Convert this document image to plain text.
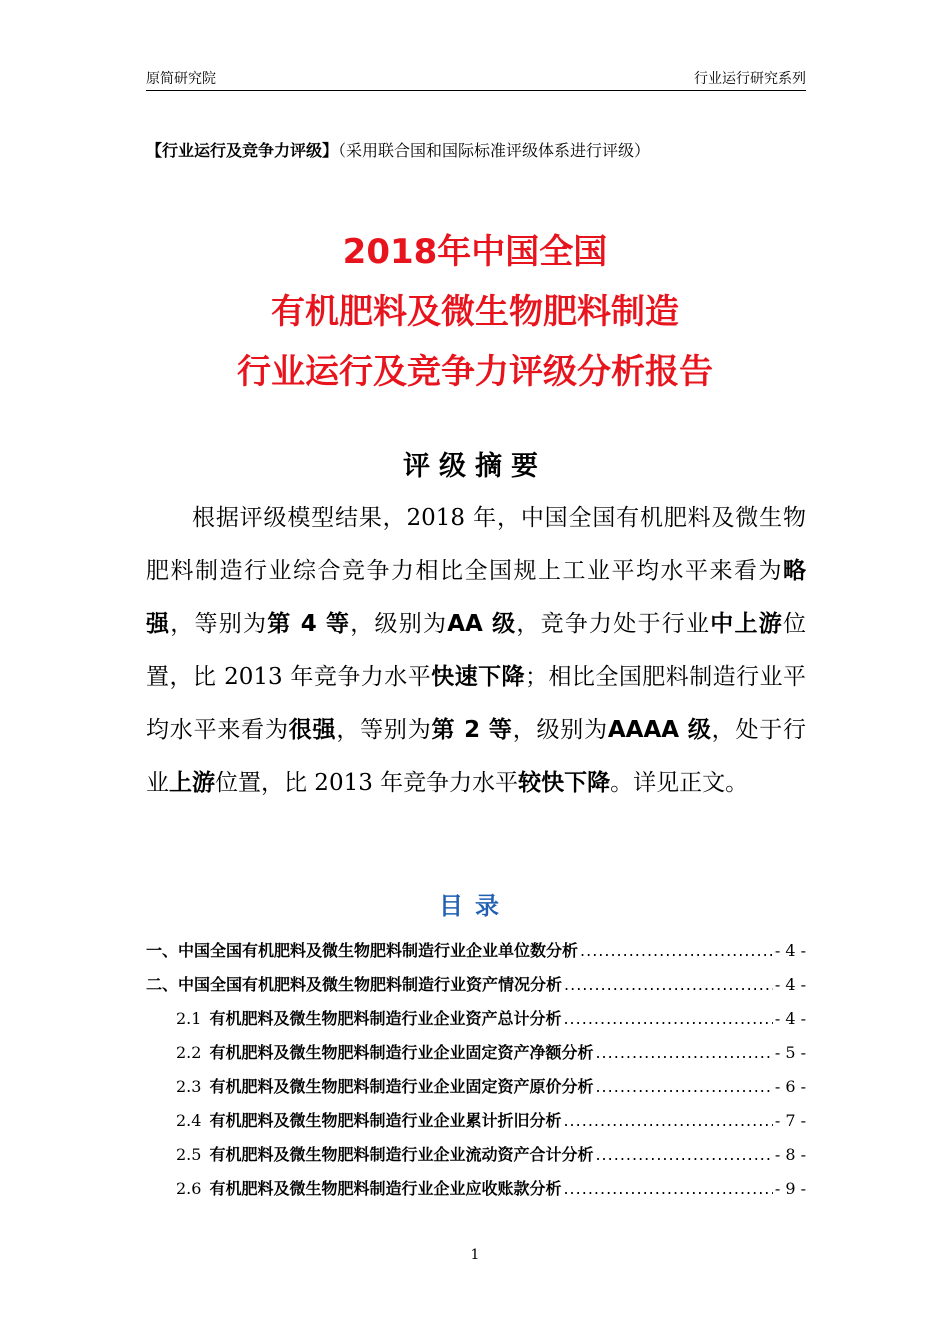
原简研究院	行业运行研究系列
【行业运行及竞争力评级】（采用联合国和国际标准评级体系进行评级）
2018年中国全国
有机肥料及微生物肥料制造
行业运行及竞争力评级分析报告
评级摘要

根据评级模型结果，2018 年，中国全国有机肥料及微生物肥料制造行业综合竞争力相比全国规上工业平均水平来看为略强，等别为第 4 等，级别为AA 级，竞争力处于行业中上游位置，比 2013 年竞争力水平快速下降；相比全国肥料制造行业平均水平来看为很强，等别为第 2 等，级别为AAAA 级，处于行业上游位置，比 2013 年竞争力水平较快下降。详见正文。

目录
一、中国全国有机肥料及微生物肥料制造行业企业单位数分析 .....	- 4 -
二、中国全国有机肥料及微生物肥料制造行业资产情况分析 .....	- 4 -
2.1 有机肥料及微生物肥料制造行业企业资产总计分析 .....	- 4 -
2.2 有机肥料及微生物肥料制造行业企业固定资产净额分析 .....	- 5 -
2.3 有机肥料及微生物肥料制造行业企业固定资产原价分析 .....	- 6 -
2.4 有机肥料及微生物肥料制造行业企业累计折旧分析 .....	- 7 -
2.5 有机肥料及微生物肥料制造行业企业流动资产合计分析 .....	- 8 -
2.6 有机肥料及微生物肥料制造行业企业应收账款分析 .....	- 9 -
1
